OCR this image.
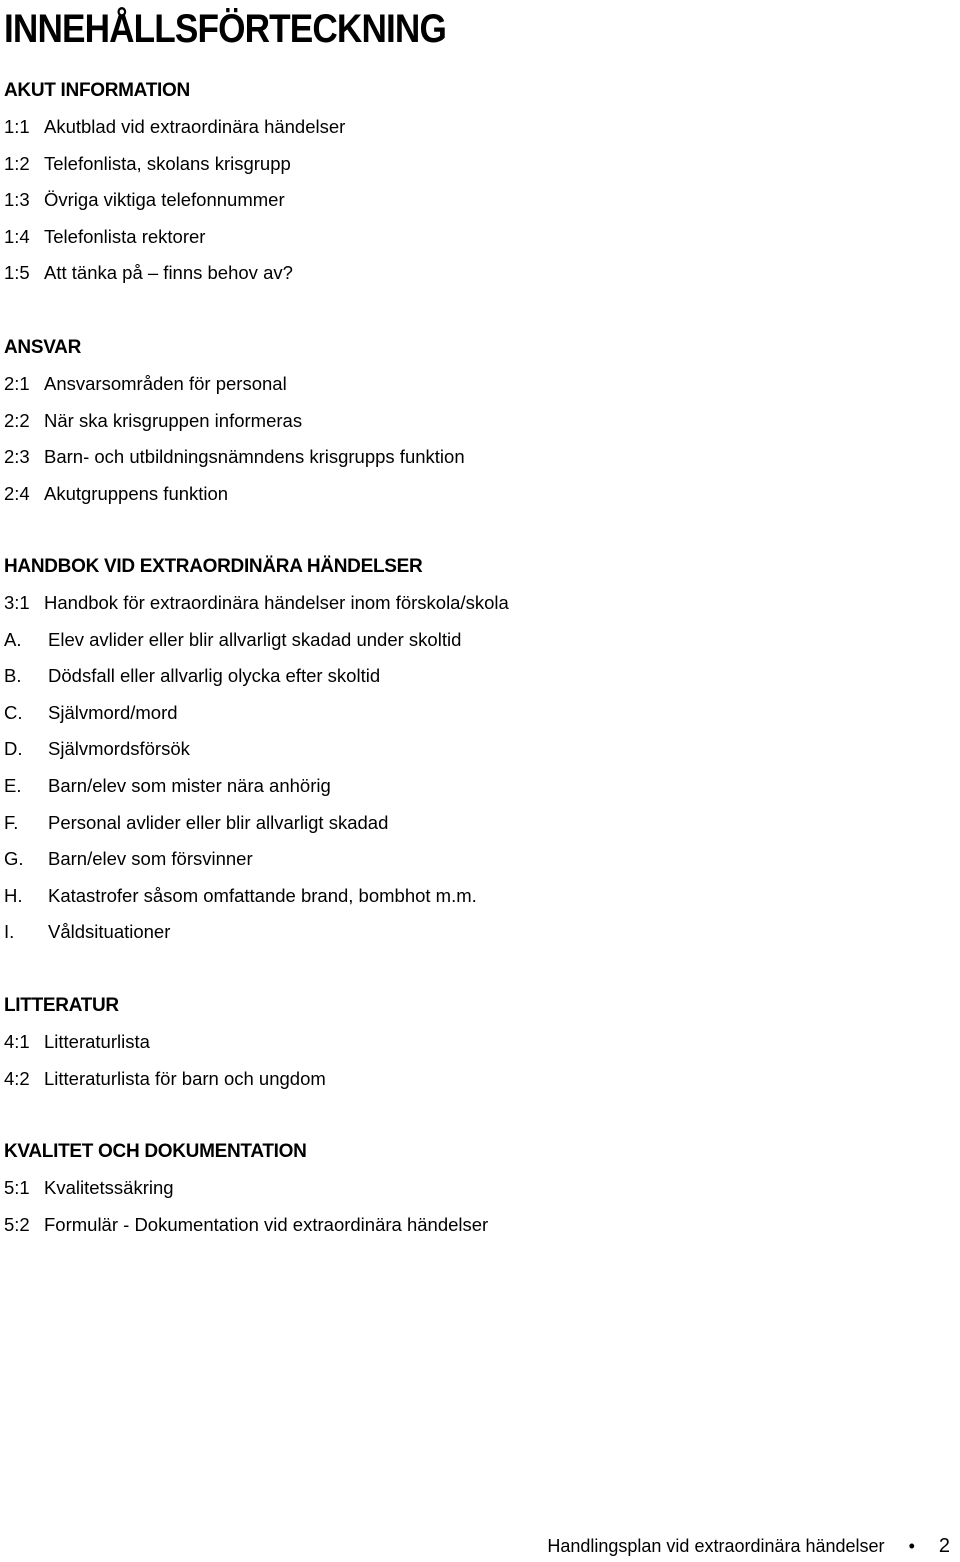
INNEHÅLLSFÖRTECKNING
AKUT INFORMATION
1:1 Akutblad vid extraordinära händelser
1:2 Telefonlista, skolans krisgrupp
1:3 Övriga viktiga telefonnummer
1:4 Telefonlista rektorer
1:5 Att tänka på – finns behov av?
ANSVAR
2:1 Ansvarsområden för personal
2:2 När ska krisgruppen informeras
2:3 Barn- och utbildningsnämndens krisgrupps funktion
2:4 Akutgruppens funktion
HANDBOK VID EXTRAORDINÄRA HÄNDELSER
3:1 Handbok för extraordinära händelser inom förskola/skola
A. Elev avlider eller blir allvarligt skadad under skoltid
B. Dödsfall eller allvarlig olycka efter skoltid
C. Självmord/mord
D. Självmordsförsök
E. Barn/elev som mister nära anhörig
F. Personal avlider eller blir allvarligt skadad
G. Barn/elev som försvinner
H. Katastrofer såsom omfattande brand, bombhot m.m.
I. Våldsituationer
LITTERATUR
4:1 Litteraturlista
4:2 Litteraturlista för barn och ungdom
KVALITET OCH DOKUMENTATION
5:1 Kvalitetssäkring
5:2 Formulär - Dokumentation vid extraordinära händelser
Handlingsplan vid extraordinära händelser • 2
